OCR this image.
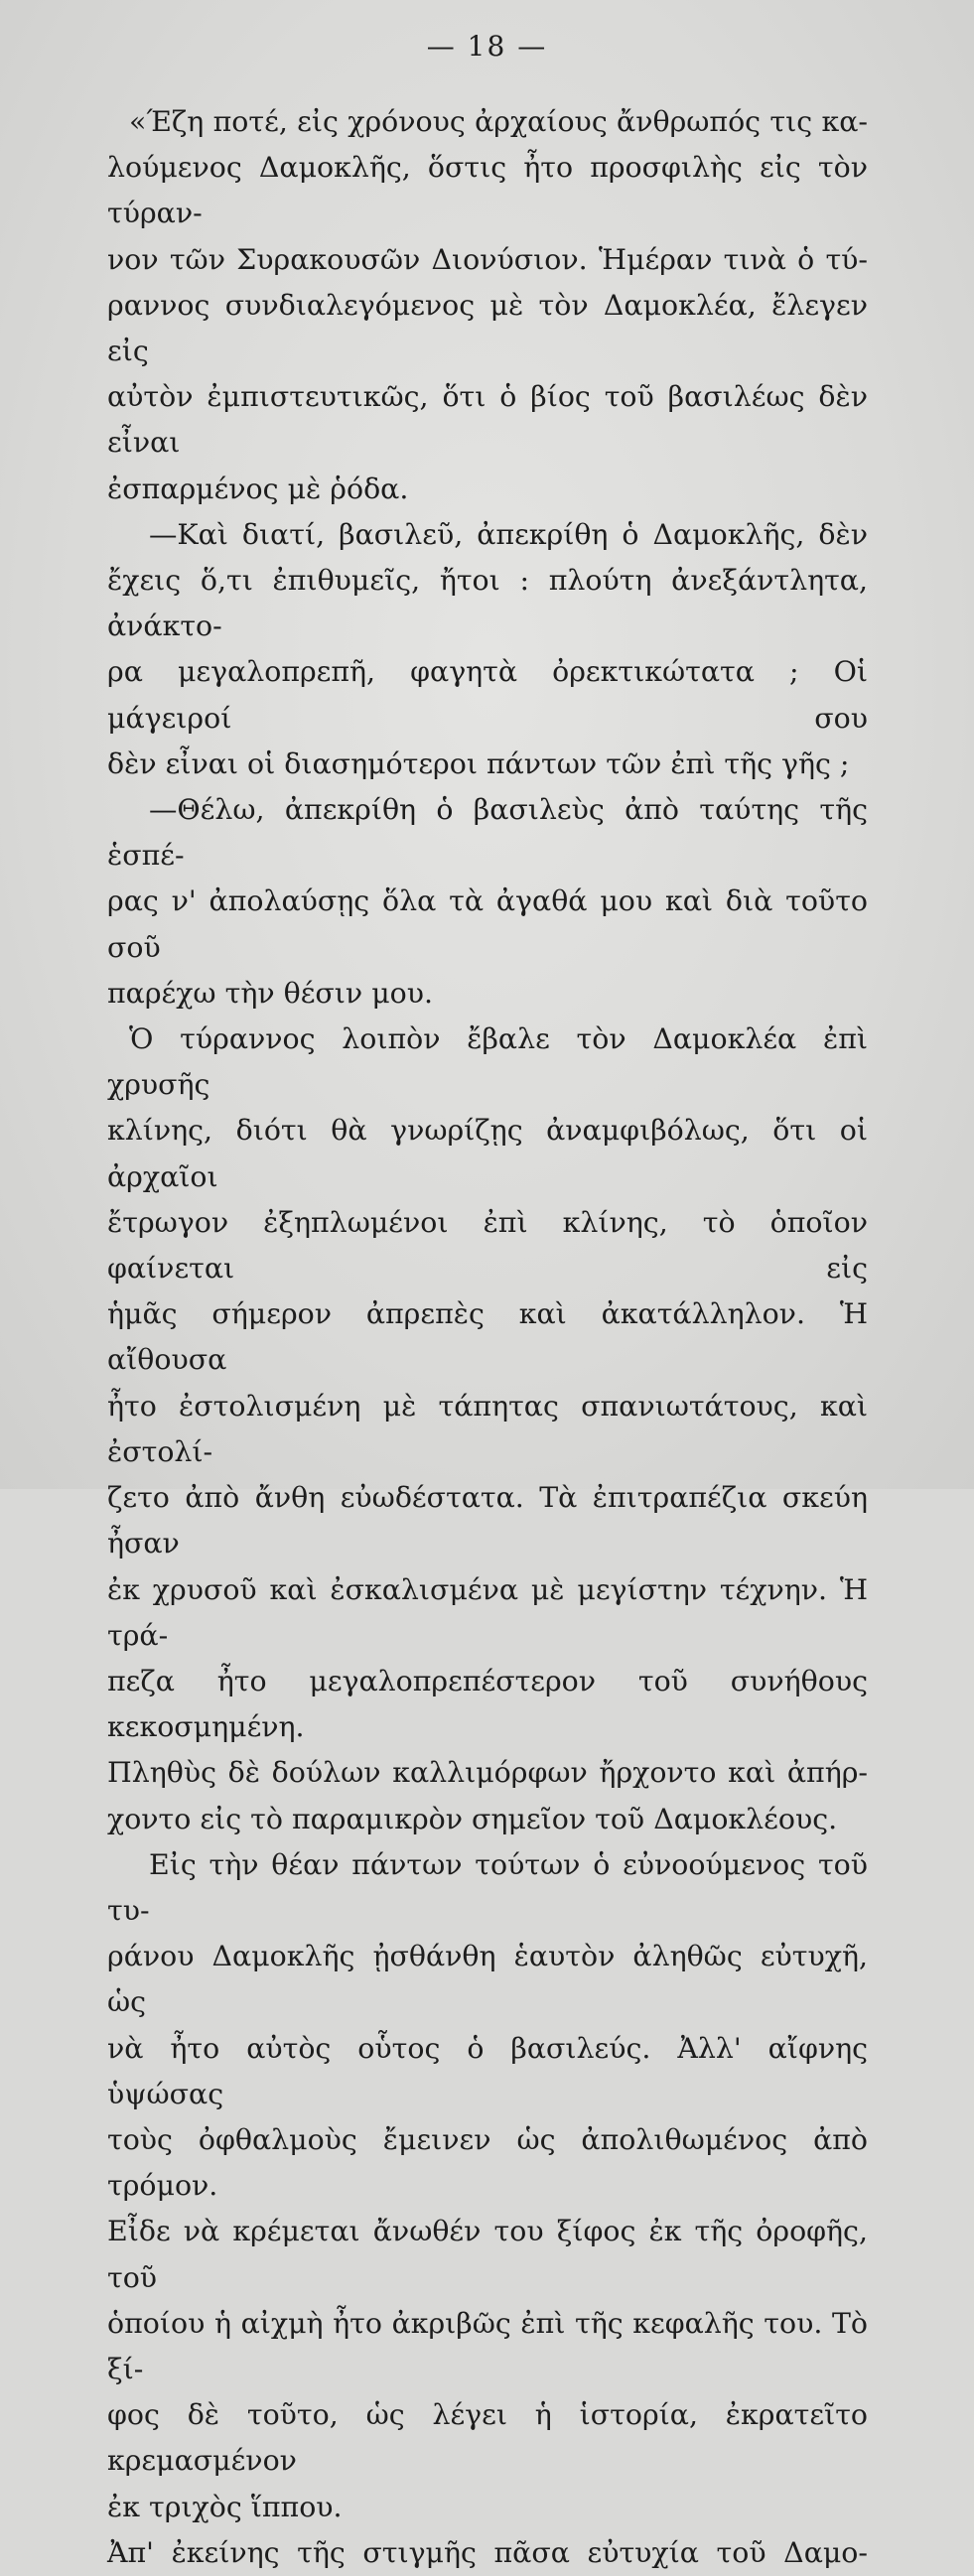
— 18 —

«Έζη ποτέ, εἰς χρόνους ἀρχαίους ἄνθρωπός τις κα-
λούμενος Δαμοκλῆς, ὅστις ἦτο προσφιλὴς εἰς τὸν τύραν-
νον τῶν Συρακουσῶν Διονύσιον. Ἡμέραν τινὰ ὁ τύ-
ραννος συνδιαλεγόμενος μὲ τὸν Δαμοκλέα, ἔλεγεν εἰς
αὐτὸν ἐμπιστευτικῶς, ὅτι ὁ βίος τοῦ βασιλέως δὲν εἶναι

ἐσπαρμένος μὲ ῥόδα.

—Καὶ διατί, βασιλεῦ, ἀπεκρίθη ὁ Δαμοκλῆς, δὲν
ἔχεις ὅ,τι ἐπιθυμεῖς, ἤτοι : πλούτη ἀνεξάντλητα, ἀνάκτο-
ρα μεγαλοπρεπῆ, φαγητὰ ὀρεκτικώτατα ; Οἱ μάγειροί σου

δὲν εἶναι οἱ διασημότεροι πάντων τῶν ἐπὶ τῆς γῆς ;

—Θέλω, ἀπεκρίθη ὁ βασιλεὺς ἀπὸ ταύτης τῆς ἑσπέ-
ρας ν' ἀπολαύσῃς ὅλα τὰ ἀγαθά μου καὶ διὰ τοῦτο σοῦ

παρέχω τὴν θέσιν μου.

Ὁ τύραννος λοιπὸν ἔβαλε τὸν Δαμοκλέα ἐπὶ χρυσῆς
κλίνης, διότι θὰ γνωρίζῃς ἀναμφιβόλως, ὅτι οἱ ἀρχαῖοι
ἔτρωγον ἐξηπλωμένοι ἐπὶ κλίνης, τὸ ὁποῖον φαίνεται εἰς
ἡμᾶς σήμερον ἀπρεπὲς καὶ ἀκατάλληλον. Ἡ αἴθουσα
ἦτο ἐστολισμένη μὲ τάπητας σπανιωτάτους, καὶ ἐστολί-
ζετο ἀπὸ ἄνθη εὐωδέστατα. Τὰ ἐπιτραπέζια σκεύη ἦσαν
ἐκ χρυσοῦ καὶ ἐσκαλισμένα μὲ μεγίστην τέχνην. Ἡ τρά-
πεζα ἦτο μεγαλοπρεπέστερον τοῦ συνήθους κεκοσμημένη.
Πληθὺς δὲ δούλων καλλιμόρφων ἤρχοντο καὶ ἀπήρ-

χοντο εἰς τὸ παραμικρὸν σημεῖον τοῦ Δαμοκλέους.

Εἰς τὴν θέαν πάντων τούτων ὁ εὐνοούμενος τοῦ τυ-
ράνου Δαμοκλῆς ᾐσθάνθη ἑαυτὸν ἀληθῶς εὐτυχῆ, ὡς
νὰ ἦτο αὐτὸς οὗτος ὁ βασιλεύς. Ἀλλ' αἴφνης ὑψώσας
τοὺς ὀφθαλμοὺς ἔμεινεν ὡς ἀπολιθωμένος ἀπὸ τρόμον.
Εἶδε νὰ κρέμεται ἄνωθέν του ξίφος ἐκ τῆς ὀροφῆς, τοῦ
ὁποίου ἡ αἰχμὴ ἦτο ἀκριβῶς ἐπὶ τῆς κεφαλῆς του. Τὸ ξί-
φος δὲ τοῦτο, ὡς λέγει ἡ ἱστορία, ἐκρατεῖτο κρεμασμένον

ἐκ τριχὸς ἵππου.

Ἀπ' ἐκείνης τῆς στιγμῆς πᾶσα εὐτυχία τοῦ Δαμο-
